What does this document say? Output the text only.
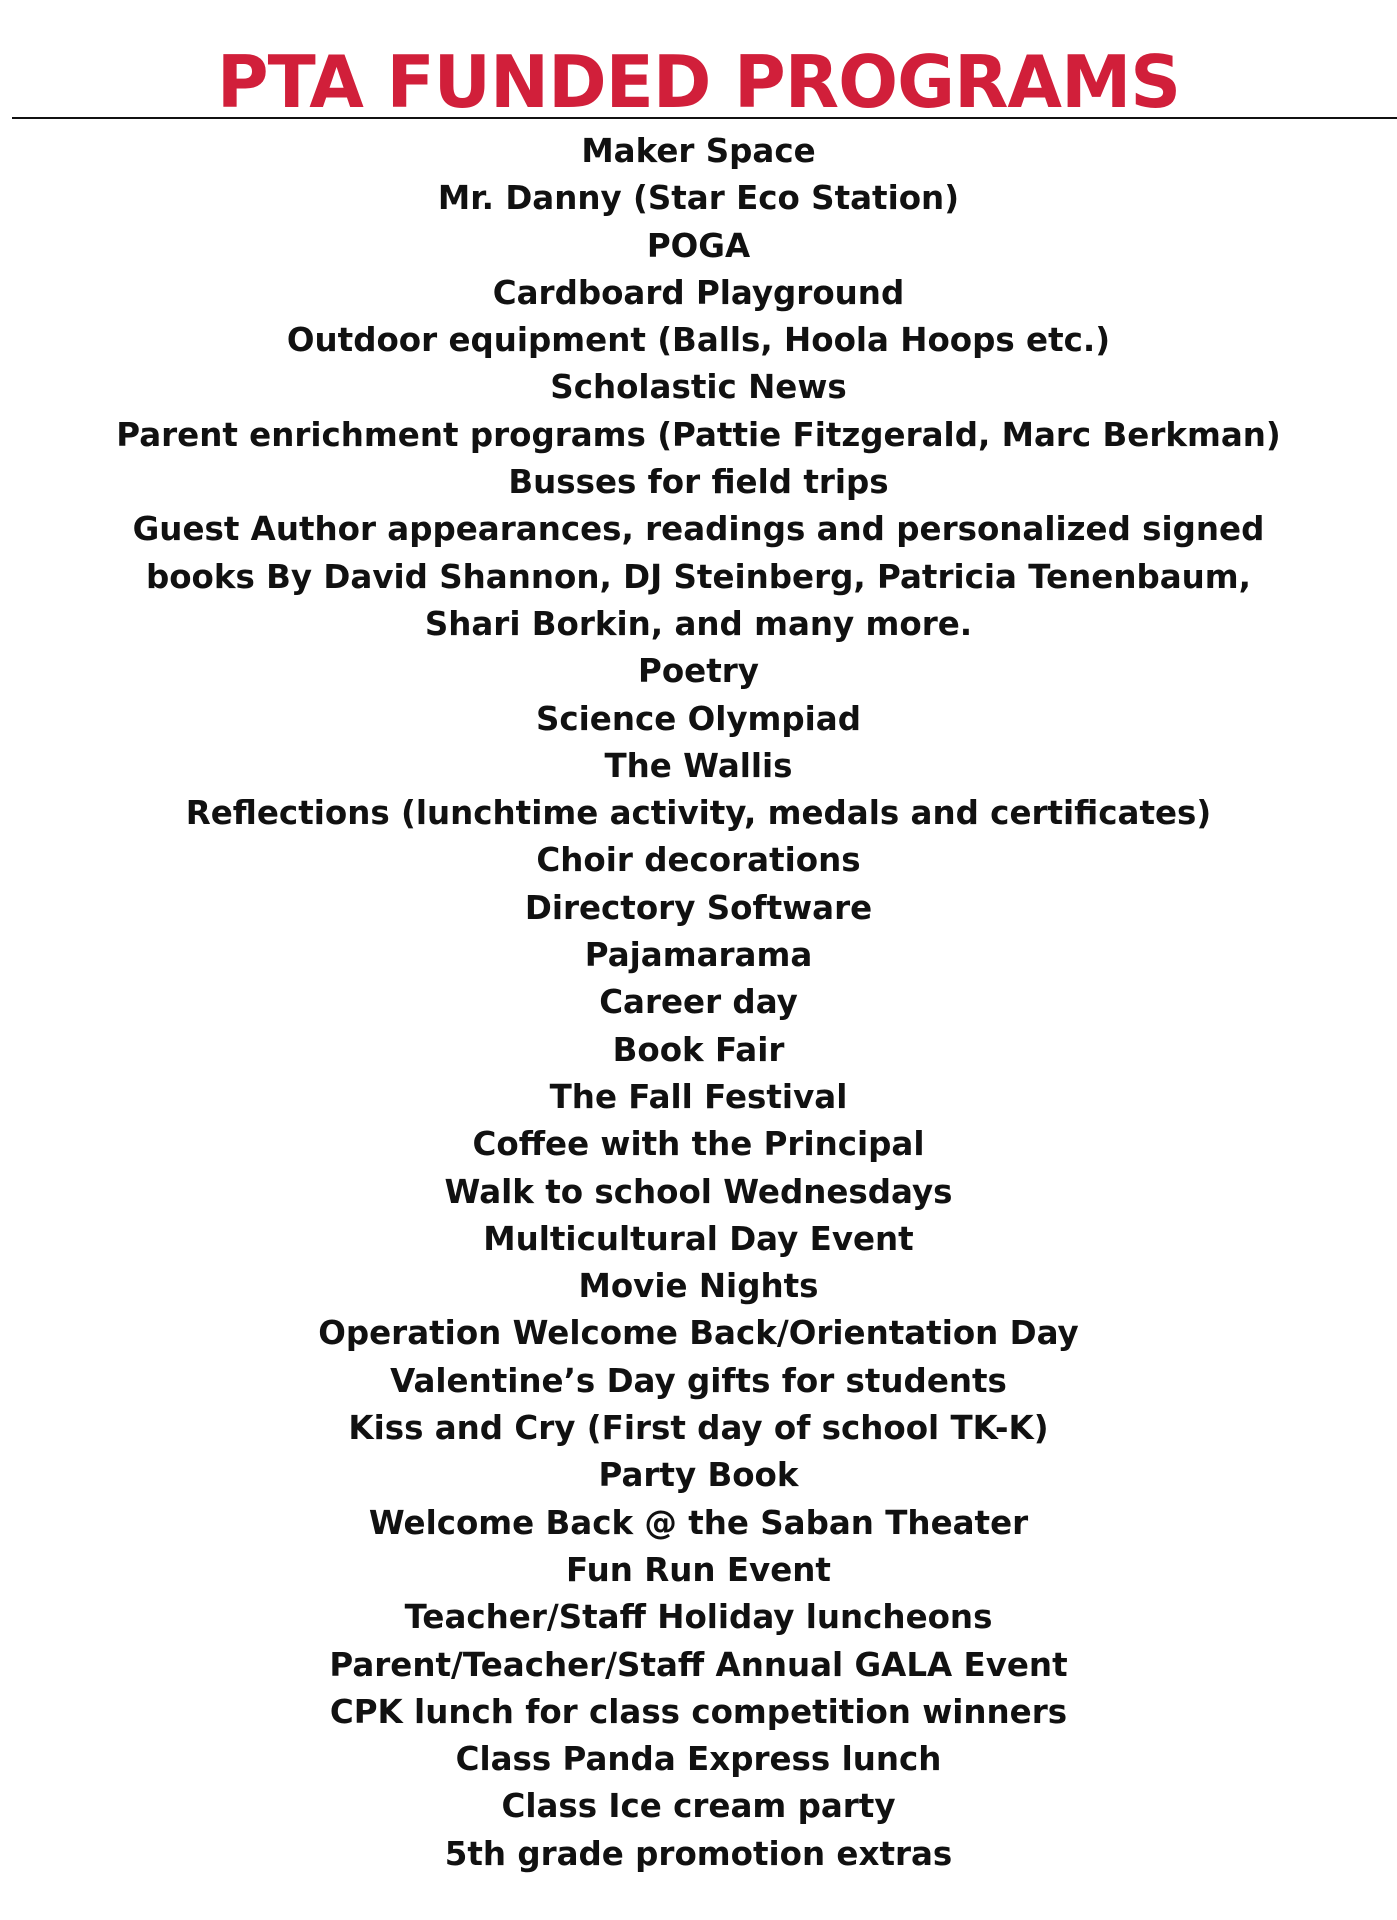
PTA FUNDED PROGRAMS
Maker Space
Mr. Danny (Star Eco Station)
POGA
Cardboard Playground
Outdoor equipment (Balls, Hoola Hoops etc.)
Scholastic News
Parent enrichment programs (Pattie Fitzgerald, Marc Berkman)
Busses for field trips
Guest Author appearances, readings and personalized signed books By David Shannon, DJ Steinberg, Patricia Tenenbaum, Shari Borkin, and many more.
Poetry
Science Olympiad
The Wallis
Reflections (lunchtime activity, medals and certificates)
Choir decorations
Directory Software
Pajamarama
Career day
Book Fair
The Fall Festival
Coffee with the Principal
Walk to school Wednesdays
Multicultural Day Event
Movie Nights
Operation Welcome Back/Orientation Day
Valentine’s Day gifts for students
Kiss and Cry (First day of school TK-K)
Party Book
Welcome Back @ the Saban Theater
Fun Run Event
Teacher/Staff Holiday luncheons
Parent/Teacher/Staff Annual GALA Event
CPK lunch for class competition winners
Class Panda Express lunch
Class Ice cream party
5th grade promotion extras
